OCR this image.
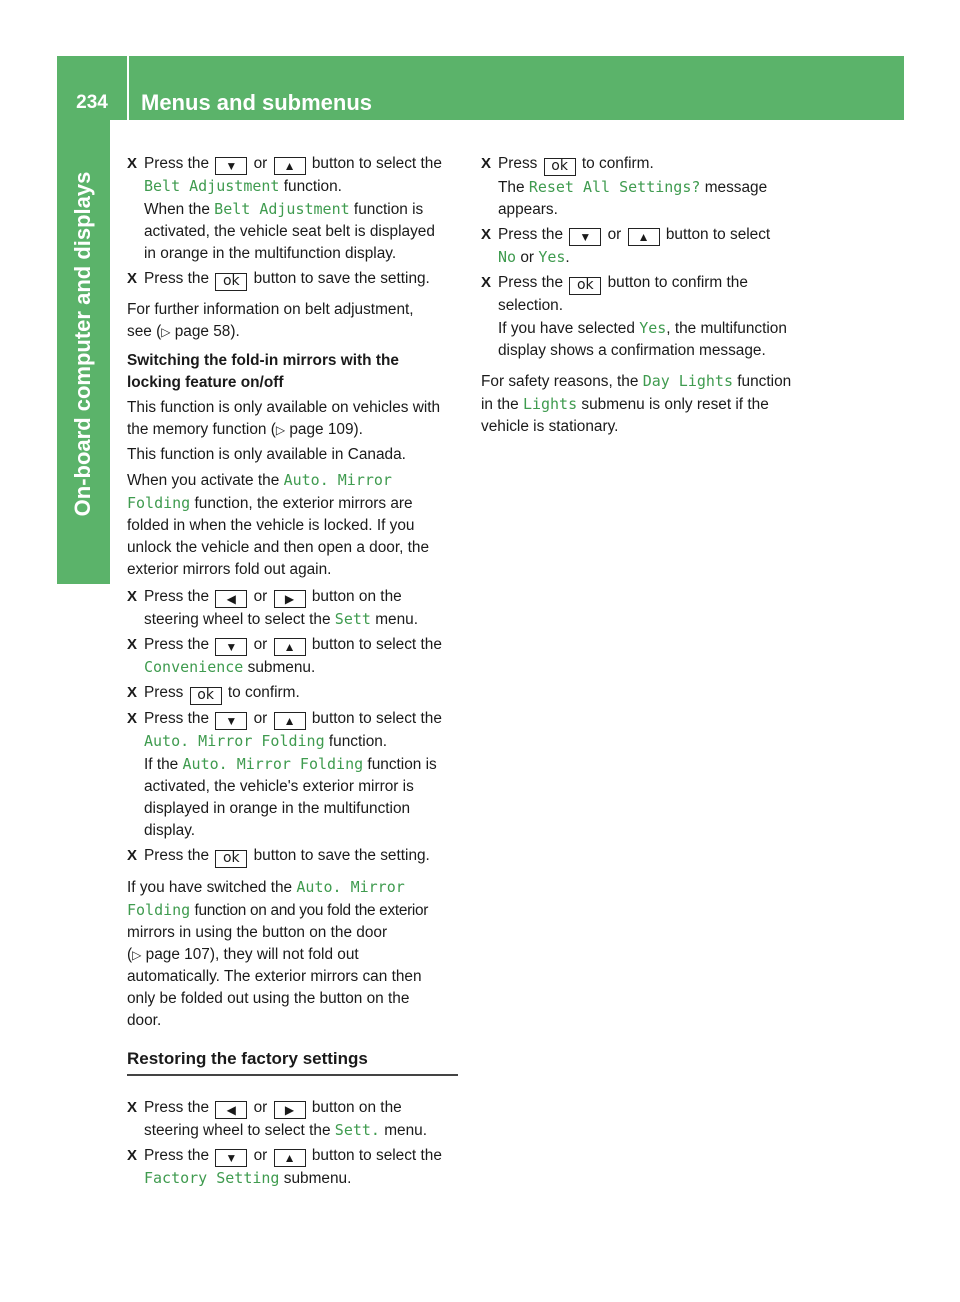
234	Menus and submenus
On-board computer and displays
X Press the ▼ or ▲ button to select the
Belt Adjustment function.
When the Belt Adjustment function is
activated, the vehicle seat belt is displayed
in orange in the multifunction display.
X Press the ok button to save the setting.
For further information on belt adjustment,
see (▷ page 58).
Switching the fold-in mirrors with the
locking feature on/off
This function is only available on vehicles with
the memory function (▷ page 109).
This function is only available in Canada.
When you activate the Auto. Mirror
Folding function, the exterior mirrors are
folded in when the vehicle is locked. If you
unlock the vehicle and then open a door, the
exterior mirrors fold out again.
X Press the ◀ or ▶ button on the
steering wheel to select the Sett menu.
X Press the ▼ or ▲ button to select the
Convenience submenu.
X Press ok to confirm.
X Press the ▼ or ▲ button to select the
Auto. Mirror Folding function.
If the Auto. Mirror Folding function is
activated, the vehicle's exterior mirror is
displayed in orange in the multifunction
display.
X Press the ok button to save the setting.
If you have switched the Auto. Mirror
Folding function on and you fold the exterior
mirrors in using the button on the door
(▷ page 107), they will not fold out
automatically. The exterior mirrors can then
only be folded out using the button on the
door.
Restoring the factory settings
X Press the ◀ or ▶ button on the
steering wheel to select the Sett. menu.
X Press the ▼ or ▲ button to select the
Factory Setting submenu.
X Press ok to confirm.
The Reset All Settings? message
appears.
X Press the ▼ or ▲ button to select
No or Yes.
X Press the ok button to confirm the
selection.
If you have selected Yes, the multifunction
display shows a confirmation message.
For safety reasons, the Day Lights function
in the Lights submenu is only reset if the
vehicle is stationary.
